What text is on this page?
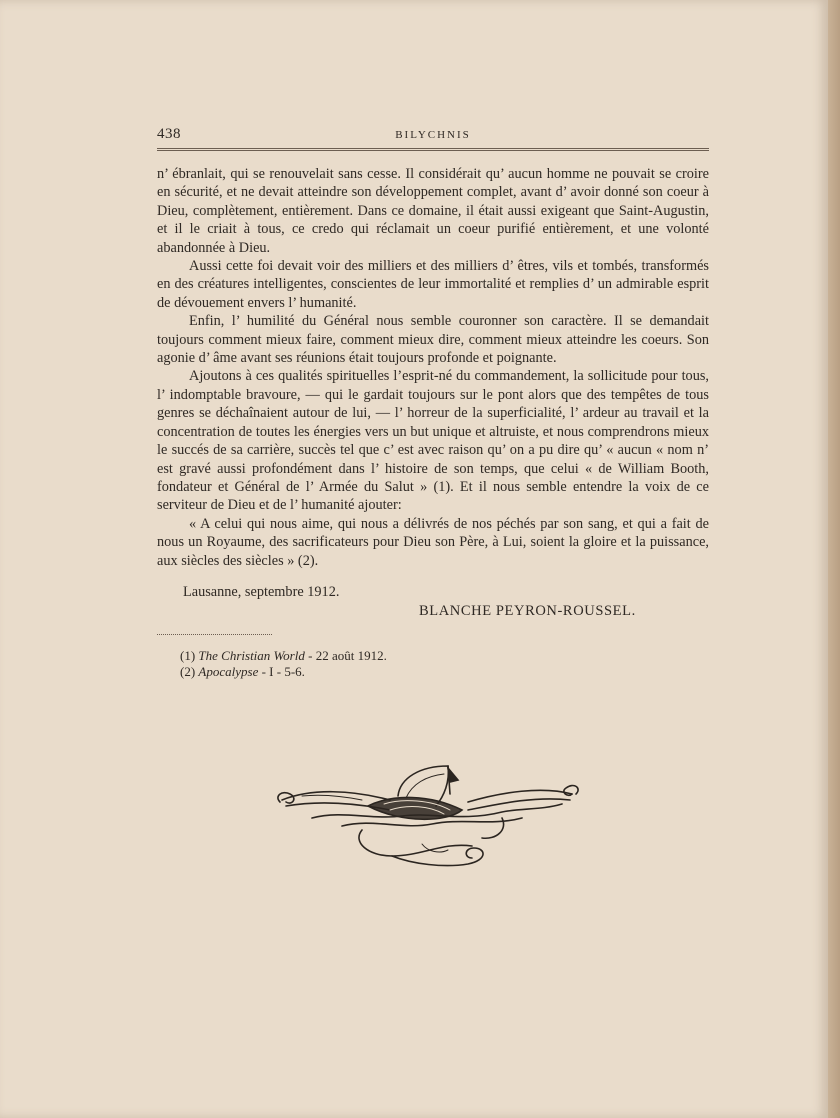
438	BILYCHNIS

n’ ébranlait, qui se renouvelait sans cesse. Il considérait qu’ aucun homme ne pouvait se croire en sécurité, et ne devait atteindre son développement complet, avant d’ avoir donné son coeur à Dieu, complètement, entièrement. Dans ce domaine, il était aussi exigeant que Saint-Augustin, et il le criait à tous, ce credo qui réclamait un coeur purifié entièrement, et une volonté abandonnée à Dieu.

Aussi cette foi devait voir des milliers et des milliers d’ êtres, vils et tombés, transformés en des créatures intelligentes, conscientes de leur immortalité et remplies d’ un admirable esprit de dévouement envers l’ humanité.

Enfin, l’ humilité du Général nous semble couronner son caractère. Il se demandait toujours comment mieux faire, comment mieux dire, comment mieux atteindre les coeurs. Son agonie d’ âme avant ses réunions était toujours profonde et poignante.

Ajoutons à ces qualités spirituelles l’esprit-né du commandement, la sollicitude pour tous, l’ indomptable bravoure, — qui le gardait toujours sur le pont alors que des tempêtes de tous genres se déchaînaient autour de lui, — l’ horreur de la superficialité, l’ ardeur au travail et la concentration de toutes les énergies vers un but unique et altruiste, et nous comprendrons mieux le succés de sa carrière, succès tel que c’ est avec raison qu’ on a pu dire qu’ « aucun « nom n’ est gravé aussi profondément dans l’ histoire de son temps, que celui « de William Booth, fondateur et Général de l’ Armée du Salut » (1). Et il nous semble entendre la voix de ce serviteur de Dieu et de l’ humanité ajouter:

« A celui qui nous aime, qui nous a délivrés de nos péchés par son sang, et qui a fait de nous un Royaume, des sacrificateurs pour Dieu son Père, à Lui, soient la gloire et la puissance, aux siècles des siècles » (2).

Lausanne, septembre 1912.
BLANCHE PEYRON-ROUSSEL.
(1) The Christian World - 22 août 1912.
(2) Apocalypse - I - 5-6.
